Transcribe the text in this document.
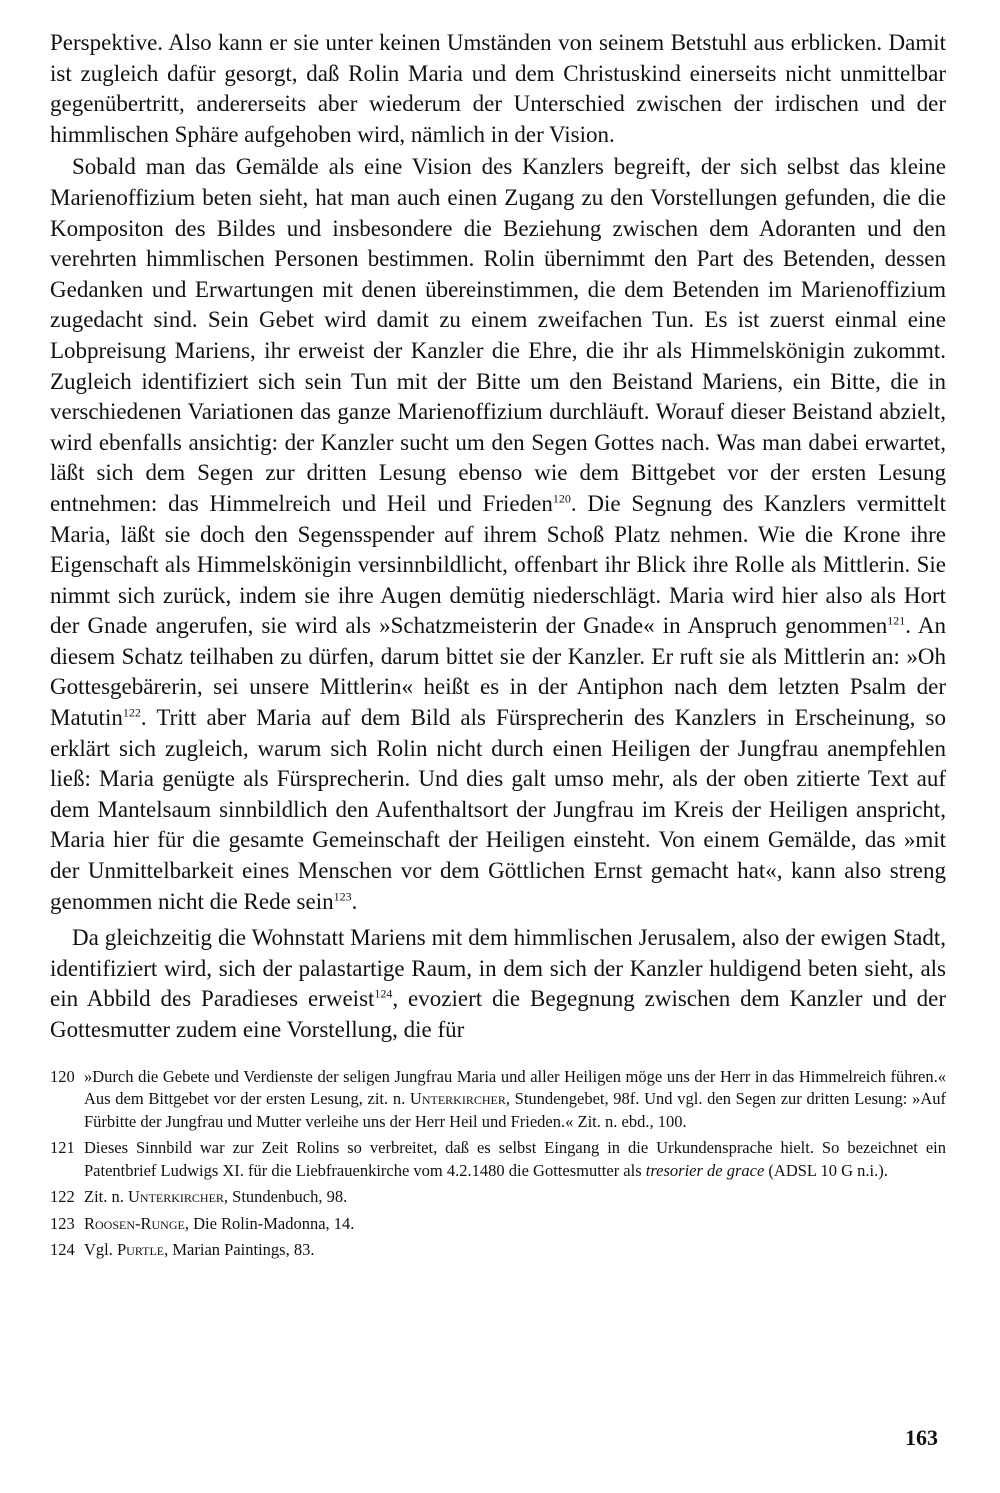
Perspektive. Also kann er sie unter keinen Umständen von seinem Betstuhl aus erblicken. Damit ist zugleich dafür gesorgt, daß Rolin Maria und dem Christuskind einerseits nicht unmittelbar gegenübertritt, andererseits aber wiederum der Unterschied zwischen der irdischen und der himmlischen Sphäre aufgehoben wird, nämlich in der Vision.

Sobald man das Gemälde als eine Vision des Kanzlers begreift, der sich selbst das kleine Marienoffizium beten sieht, hat man auch einen Zugang zu den Vorstellungen gefunden, die die Kompositon des Bildes und insbesondere die Beziehung zwischen dem Adoranten und den verehrten himmlischen Personen bestimmen. Rolin übernimmt den Part des Betenden, dessen Gedanken und Erwartungen mit denen übereinstimmen, die dem Betenden im Marienoffizium zugedacht sind. Sein Gebet wird damit zu einem zweifachen Tun. Es ist zuerst einmal eine Lobpreisung Mariens, ihr erweist der Kanzler die Ehre, die ihr als Himmelskönigin zukommt. Zugleich identifiziert sich sein Tun mit der Bitte um den Beistand Mariens, ein Bitte, die in verschiedenen Variationen das ganze Marienoffizium durchläuft. Worauf dieser Beistand abzielt, wird ebenfalls ansichtig: der Kanzler sucht um den Segen Gottes nach. Was man dabei erwartet, läßt sich dem Segen zur dritten Lesung ebenso wie dem Bittgebet vor der ersten Lesung entnehmen: das Himmelreich und Heil und Frieden$^{120}$. Die Segnung des Kanzlers vermittelt Maria, läßt sie doch den Segensspender auf ihrem Schoß Platz nehmen. Wie die Krone ihre Eigenschaft als Himmelskönigin versinnbildlicht, offenbart ihr Blick ihre Rolle als Mittlerin. Sie nimmt sich zurück, indem sie ihre Augen demütig niederschlägt. Maria wird hier also als Hort der Gnade angerufen, sie wird als »Schatzmeisterin der Gnade« in Anspruch genommen$^{121}$. An diesem Schatz teilhaben zu dürfen, darum bittet sie der Kanzler. Er ruft sie als Mittlerin an: »Oh Gottesgebärerin, sei unsere Mittlerin« heißt es in der Antiphon nach dem letzten Psalm der Matutin$^{122}$. Tritt aber Maria auf dem Bild als Fürsprecherin des Kanzlers in Erscheinung, so erklärt sich zugleich, warum sich Rolin nicht durch einen Heiligen der Jungfrau anempfehlen ließ: Maria genügte als Fürsprecherin. Und dies galt umso mehr, als der oben zitierte Text auf dem Mantelsaum sinnbildlich den Aufenthaltsort der Jungfrau im Kreis der Heiligen anspricht, Maria hier für die gesamte Gemeinschaft der Heiligen einsteht. Von einem Gemälde, das »mit der Unmittelbarkeit eines Menschen vor dem Göttlichen Ernst gemacht hat«, kann also streng genommen nicht die Rede sein$^{123}$.

Da gleichzeitig die Wohnstatt Mariens mit dem himmlischen Jerusalem, also der ewigen Stadt, identifiziert wird, sich der palastartige Raum, in dem sich der Kanzler huldigend beten sieht, als ein Abbild des Paradieses erweist$^{124}$, evoziert die Begegnung zwischen dem Kanzler und der Gottesmutter zudem eine Vorstellung, die für

120 »Durch die Gebete und Verdienste der seligen Jungfrau Maria und aller Heiligen möge uns der Herr in das Himmelreich führen.« Aus dem Bittgebet vor der ersten Lesung, zit. n. Unterkircher, Stundengebet, 98f. Und vgl. den Segen zur dritten Lesung: »Auf Fürbitte der Jungfrau und Mutter verleihe uns der Herr Heil und Frieden.« Zit. n. ebd., 100.
121 Dieses Sinnbild war zur Zeit Rolins so verbreitet, daß es selbst Eingang in die Urkundensprache hielt. So bezeichnet ein Patentbrief Ludwigs XI. für die Liebfrauenkirche vom 4.2.1480 die Gottesmutter als tresorier de grace (ADSL 10 G n.i.).
122 Zit. n. Unterkircher, Stundenbuch, 98.
123 Roosen-Runge, Die Rolin-Madonna, 14.
124 Vgl. Purtle, Marian Paintings, 83.
163
